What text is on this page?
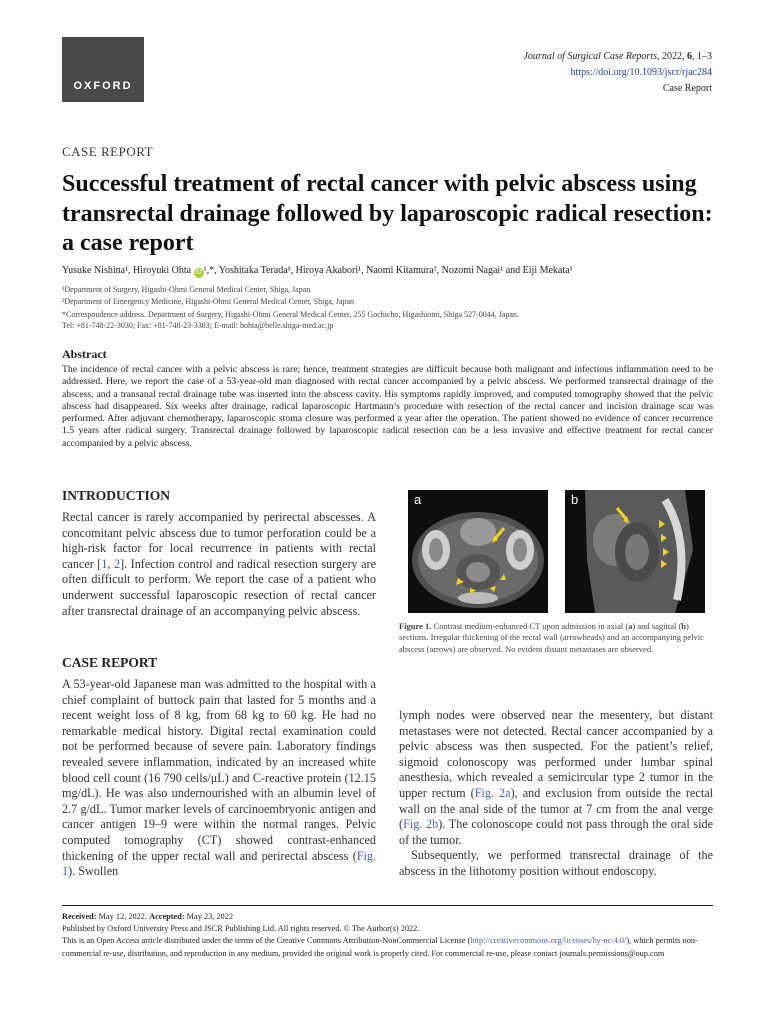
OXFORD
Journal of Surgical Case Reports, 2022, 6, 1–3
https://doi.org/10.1093/jscr/rjac284
Case Report
CASE REPORT
Successful treatment of rectal cancer with pelvic abscess using transrectal drainage followed by laparoscopic radical resection: a case report
Yusuke Nishina¹, Hiroyuki Ohta iD ¹,*, Yoshitaka Terada¹, Hiroya Akabori¹, Naomi Kitamura², Nozomi Nagai¹ and Eiji Mekata¹
¹Department of Surgery, Higashi-Ohmi General Medical Center, Shiga, Japan
²Department of Emergency Medicine, Higashi-Ohmi General Medical Center, Shiga, Japan
*Correspondence address. Department of Surgery, Higashi-Ohmi General Medical Center, 255 Gochicho, Higashiomi, Shiga 527-0044, Japan.
Tel: +81-748-22-3030; Fax: +81-748-23-3383; E-mail: hohta@belle.shiga-med.ac.jp
Abstract
The incidence of rectal cancer with a pelvic abscess is rare; hence, treatment strategies are difficult because both malignant and infectious inflammation need to be addressed. Here, we report the case of a 53-year-old man diagnosed with rectal cancer accompanied by a pelvic abscess. We performed transrectal drainage of the abscess, and a transanal rectal drainage tube was inserted into the abscess cavity. His symptoms rapidly improved, and computed tomography showed that the pelvic abscess had disappeared. Six weeks after drainage, radical laparoscopic Hartmann’s procedure with resection of the rectal cancer and incision drainage scar was performed. After adjuvant chemotherapy, laparoscopic stoma closure was performed a year after the operation. The patient showed no evidence of cancer recurrence 1.5 years after radical surgery. Transrectal drainage followed by laparoscopic radical resection can be a less invasive and effective treatment for rectal cancer accompanied by a pelvic abscess.
INTRODUCTION
Rectal cancer is rarely accompanied by perirectal abscesses. A concomitant pelvic abscess due to tumor perforation could be a high-risk factor for local recurrence in patients with rectal cancer [1, 2]. Infection control and radical resection surgery are often difficult to perform. We report the case of a patient who underwent successful laparoscopic resection of rectal cancer after transrectal drainage of an accompanying pelvic abscess.
CASE REPORT
A 53-year-old Japanese man was admitted to the hospital with a chief complaint of buttock pain that lasted for 5 months and a recent weight loss of 8 kg, from 68 kg to 60 kg. He had no remarkable medical history. Digital rectal examination could not be performed because of severe pain. Laboratory findings revealed severe inflammation, indicated by an increased white blood cell count (16 790 cells/μL) and C-reactive protein (12.15 mg/dL). He was also undernourished with an albumin level of 2.7 g/dL. Tumor marker levels of carcinoembryonic antigen and cancer antigen 19–9 were within the normal ranges. Pelvic computed tomography (CT) showed contrast-enhanced thickening of the upper rectal wall and perirectal abscess (Fig. 1). Swollen
a	b
Figure 1. Contrast medium-enhanced CT upon admission in axial (a) and sagittal (b) sections. Irregular thickening of the rectal wall (arrowheads) and an accompanying pelvic abscess (arrows) are observed. No evident distant metastases are observed.
lymph nodes were observed near the mesentery, but distant metastases were not detected. Rectal cancer accompanied by a pelvic abscess was then suspected. For the patient’s relief, sigmoid colonoscopy was performed under lumbar spinal anesthesia, which revealed a semicircular type 2 tumor in the upper rectum (Fig. 2a), and exclusion from outside the rectal wall on the anal side of the tumor at 7 cm from the anal verge (Fig. 2b). The colonoscope could not pass through the oral side of the tumor.
Subsequently, we performed transrectal drainage of the abscess in the lithotomy position without endoscopy.
Received: May 12, 2022. Accepted: May 23, 2022
Published by Oxford University Press and JSCR Publishing Ltd. All rights reserved. © The Author(s) 2022.
This is an Open Access article distributed under the terms of the Creative Commons Attribution-NonCommercial License (http://creativecommons.org/licenses/by-nc/4.0/), which permits non-commercial re-use, distribution, and reproduction in any medium, provided the original work is properly cited. For commercial re-use, please contact journals.permissions@oup.com
